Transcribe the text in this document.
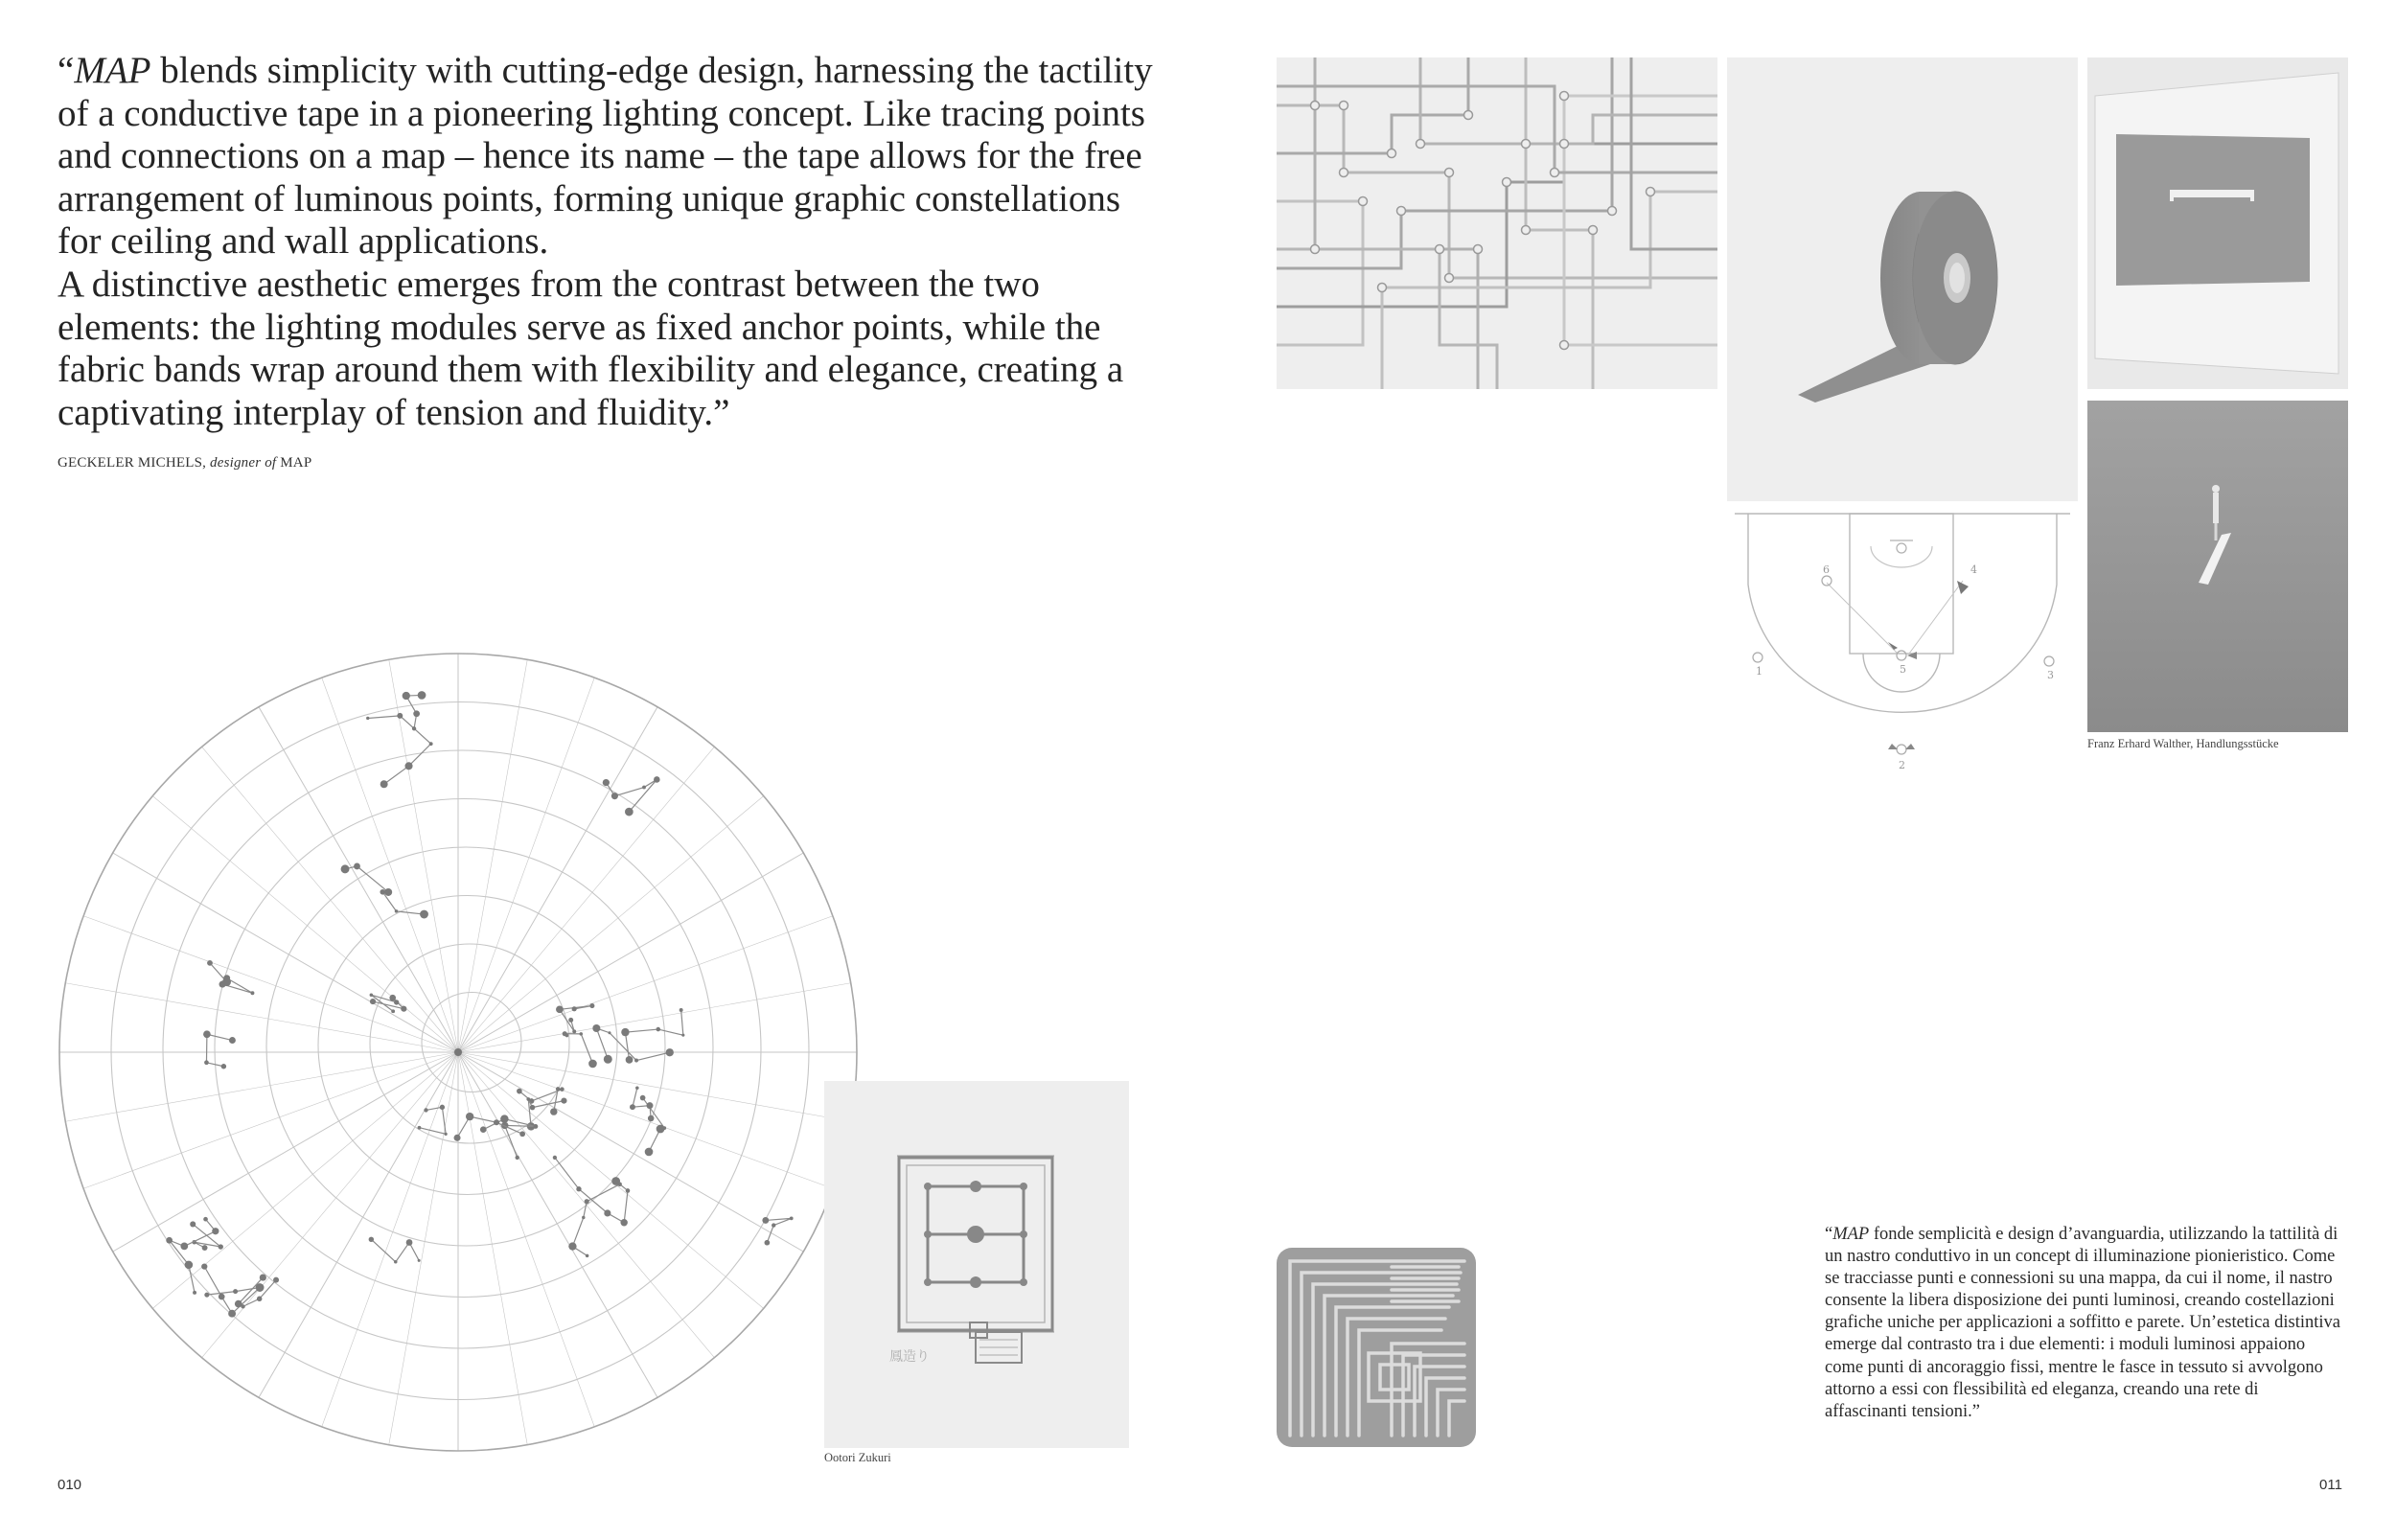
“MAP blends simplicity with cutting-edge design, harnessing the tactility of a conductive tape in a pioneering lighting concept. Like tracing points and connections on a map – hence its name – the tape allows for the free arrangement of luminous points, forming unique graphic constellations for ceiling and wall applications.

A distinctive aesthetic emerges from the contrast between the two elements: the lighting modules serve as fixed anchor points, while the fabric bands wrap around them with flexibility and elegance, creating a captivating interplay of tension and fluidity.”

GECKELER MICHELS, designer of MAP
鳳造り
Ootori Zukuri
010
1
2
3
4
5
6
Franz Erhard Walther, Handlungsstücke
“MAP fonde semplicità e design d’avanguardia, utilizzando la tattilità di un nastro conduttivo in un concept di illuminazione pionieristico. Come se tracciasse punti e connessioni su una mappa, da cui il nome, il nastro consente la libera disposizione dei punti luminosi, creando costellazioni grafiche uniche per applicazioni a soffitto e parete. Un’estetica distintiva emerge dal contrasto tra i due elementi: i moduli luminosi appaiono come punti di ancoraggio fissi, mentre le fasce in tessuto si avvolgono attorno a essi con flessibilità ed eleganza, creando una rete di affascinanti tensioni.”
011
